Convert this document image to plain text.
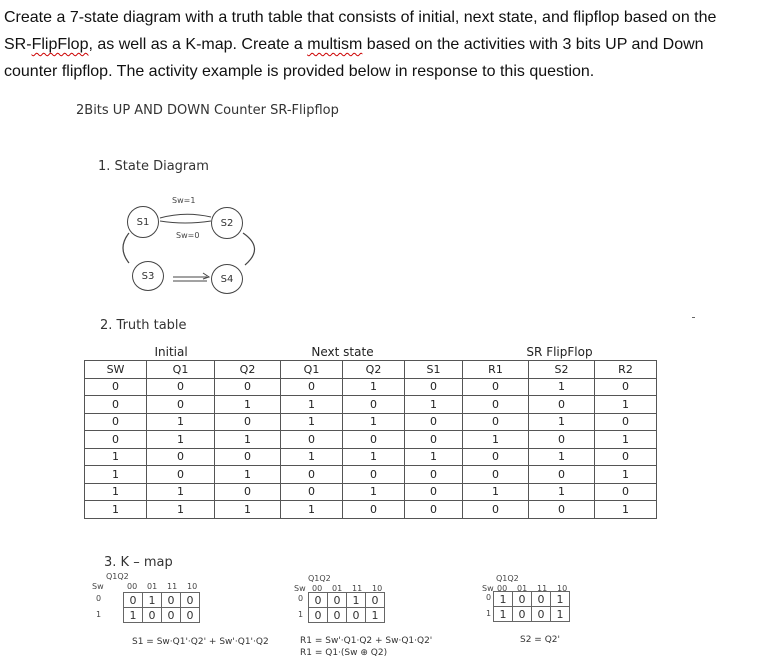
Create a 7-state diagram with a truth table that consists of initial, next state, and flipflop based on the

SR-FlipFlop, as well as a K-map. Create a multism based on the activities with 3 bits UP and Down

counter flipflop. The activity example is provided below in response to this question.

2Bits UP AND DOWN Counter SR-Flipflop
1. State Diagram
Sw=1
Sw=0
S1	S2
S3	S4
2. Truth table
	Initial		Next state			SR FlipFlop		
SW	Q1	Q2	Q1	Q2	S1	R1	S2	R2
0	0	0	0	1	0	0	1	0
0	0	1	1	0	1	0	0	1
0	1	0	1	1	0	0	1	0
0	1	1	0	0	0	1	0	1
1	0	0	1	1	1	0	1	0
1	0	1	0	0	0	0	0	1
1	1	0	0	1	0	1	1	0
1	1	1	1	0	0	0	0	1
3. K – map
Q1Q2
Sw	00 01 11 10
0
1
0	1	0	0
1	0	0	0
Q1Q2
Sw 00 01 11 10
0
1
0	0	1	0
0	0	0	1
Q1Q2
Sw 00 01 11 10
0
1
1	0	0	1
1	0	0	1
S1 = Sw·Q1'·Q2' + Sw'·Q1'·Q2	R1 = Sw'·Q1·Q2 + Sw·Q1·Q2'
R1 = Q1·(Sw ⊕ Q2)
S2 = Q2'
